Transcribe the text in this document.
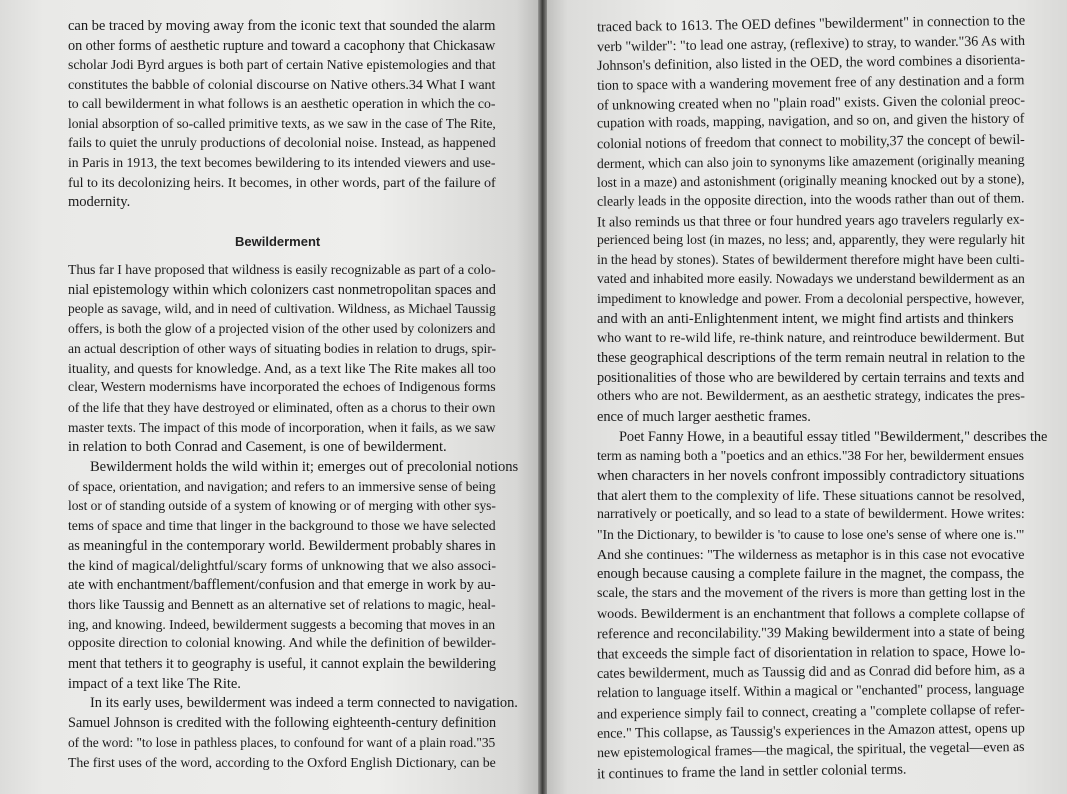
can be traced by moving away from the iconic text that sounded the alarm
on other forms of aesthetic rupture and toward a cacophony that Chickasaw
scholar Jodi Byrd argues is both part of certain Native epistemologies and that
constitutes the babble of colonial discourse on Native others.34 What I want
to call bewilderment in what follows is an aesthetic operation in which the co-
lonial absorption of so-called primitive texts, as we saw in the case of The Rite,
fails to quiet the unruly productions of decolonial noise. Instead, as happened
in Paris in 1913, the text becomes bewildering to its intended viewers and use-
ful to its decolonizing heirs. It becomes, in other words, part of the failure of
modernity.
Bewilderment
Thus far I have proposed that wildness is easily recognizable as part of a colo-
nial epistemology within which colonizers cast nonmetropolitan spaces and
people as savage, wild, and in need of cultivation. Wildness, as Michael Taussig
offers, is both the glow of a projected vision of the other used by colonizers and
an actual description of other ways of situating bodies in relation to drugs, spir-
ituality, and quests for knowledge. And, as a text like The Rite makes all too
clear, Western modernisms have incorporated the echoes of Indigenous forms
of the life that they have destroyed or eliminated, often as a chorus to their own
master texts. The impact of this mode of incorporation, when it fails, as we saw
in relation to both Conrad and Casement, is one of bewilderment.
Bewilderment holds the wild within it; emerges out of precolonial notions
of space, orientation, and navigation; and refers to an immersive sense of being
lost or of standing outside of a system of knowing or of merging with other sys-
tems of space and time that linger in the background to those we have selected
as meaningful in the contemporary world. Bewilderment probably shares in
the kind of magical/delightful/scary forms of unknowing that we also associ-
ate with enchantment/bafflement/confusion and that emerge in work by au-
thors like Taussig and Bennett as an alternative set of relations to magic, heal-
ing, and knowing. Indeed, bewilderment suggests a becoming that moves in an
opposite direction to colonial knowing. And while the definition of bewilder-
ment that tethers it to geography is useful, it cannot explain the bewildering
impact of a text like The Rite.
In its early uses, bewilderment was indeed a term connected to navigation.
Samuel Johnson is credited with the following eighteenth-century definition
of the word: "to lose in pathless places, to confound for want of a plain road."35
The first uses of the word, according to the Oxford English Dictionary, can be
traced back to 1613. The OED defines "bewilderment" in connection to the
verb "wilder": "to lead one astray, (reflexive) to stray, to wander."36 As with
Johnson's definition, also listed in the OED, the word combines a disorienta-
tion to space with a wandering movement free of any destination and a form
of unknowing created when no "plain road" exists. Given the colonial preoc-
cupation with roads, mapping, navigation, and so on, and given the history of
colonial notions of freedom that connect to mobility,37 the concept of bewil-
derment, which can also join to synonyms like amazement (originally meaning
lost in a maze) and astonishment (originally meaning knocked out by a stone),
clearly leads in the opposite direction, into the woods rather than out of them.
It also reminds us that three or four hundred years ago travelers regularly ex-
perienced being lost (in mazes, no less; and, apparently, they were regularly hit
in the head by stones). States of bewilderment therefore might have been culti-
vated and inhabited more easily. Nowadays we understand bewilderment as an
impediment to knowledge and power. From a decolonial perspective, however,
and with an anti-Enlightenment intent, we might find artists and thinkers
who want to re-wild life, re-think nature, and reintroduce bewilderment. But
these geographical descriptions of the term remain neutral in relation to the
positionalities of those who are bewildered by certain terrains and texts and
others who are not. Bewilderment, as an aesthetic strategy, indicates the pres-
ence of much larger aesthetic frames.
Poet Fanny Howe, in a beautiful essay titled "Bewilderment," describes the
term as naming both a "poetics and an ethics."38 For her, bewilderment ensues
when characters in her novels confront impossibly contradictory situations
that alert them to the complexity of life. These situations cannot be resolved,
narratively or poetically, and so lead to a state of bewilderment. Howe writes:
"In the Dictionary, to bewilder is 'to cause to lose one's sense of where one is.'"
And she continues: "The wilderness as metaphor is in this case not evocative
enough because causing a complete failure in the magnet, the compass, the
scale, the stars and the movement of the rivers is more than getting lost in the
woods. Bewilderment is an enchantment that follows a complete collapse of
reference and reconcilability."39 Making bewilderment into a state of being
that exceeds the simple fact of disorientation in relation to space, Howe lo-
cates bewilderment, much as Taussig did and as Conrad did before him, as a
relation to language itself. Within a magical or "enchanted" process, language
and experience simply fail to connect, creating a "complete collapse of refer-
ence." This collapse, as Taussig's experiences in the Amazon attest, opens up
new epistemological frames—the magical, the spiritual, the vegetal—even as
it continues to frame the land in settler colonial terms.
